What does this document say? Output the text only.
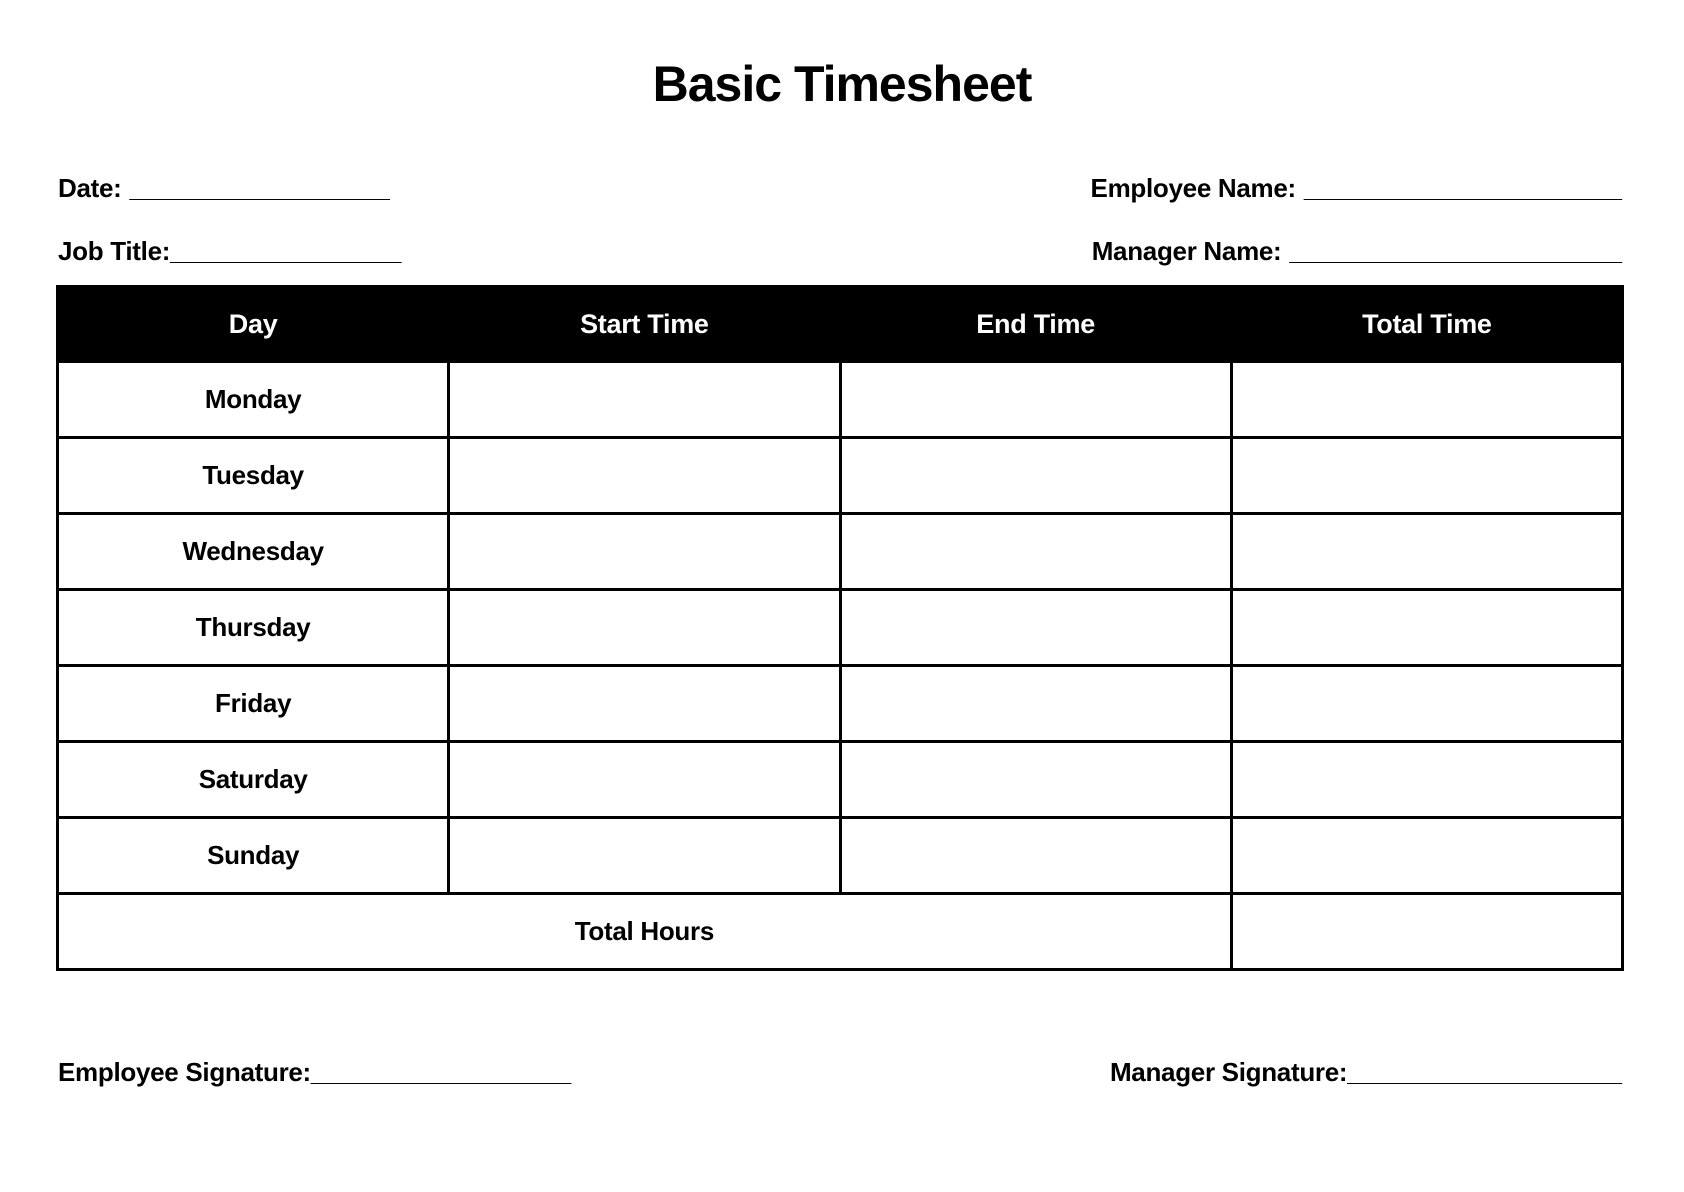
Basic Timesheet
Date: __________________	Employee Name: ______________________
Job Title:________________	Manager Name: _______________________
Day	Start Time	End Time	Total Time
Monday			
Tuesday			
Wednesday			
Thursday			
Friday			
Saturday			
Sunday			
Total Hours			
Employee Signature:__________________	Manager Signature:___________________
